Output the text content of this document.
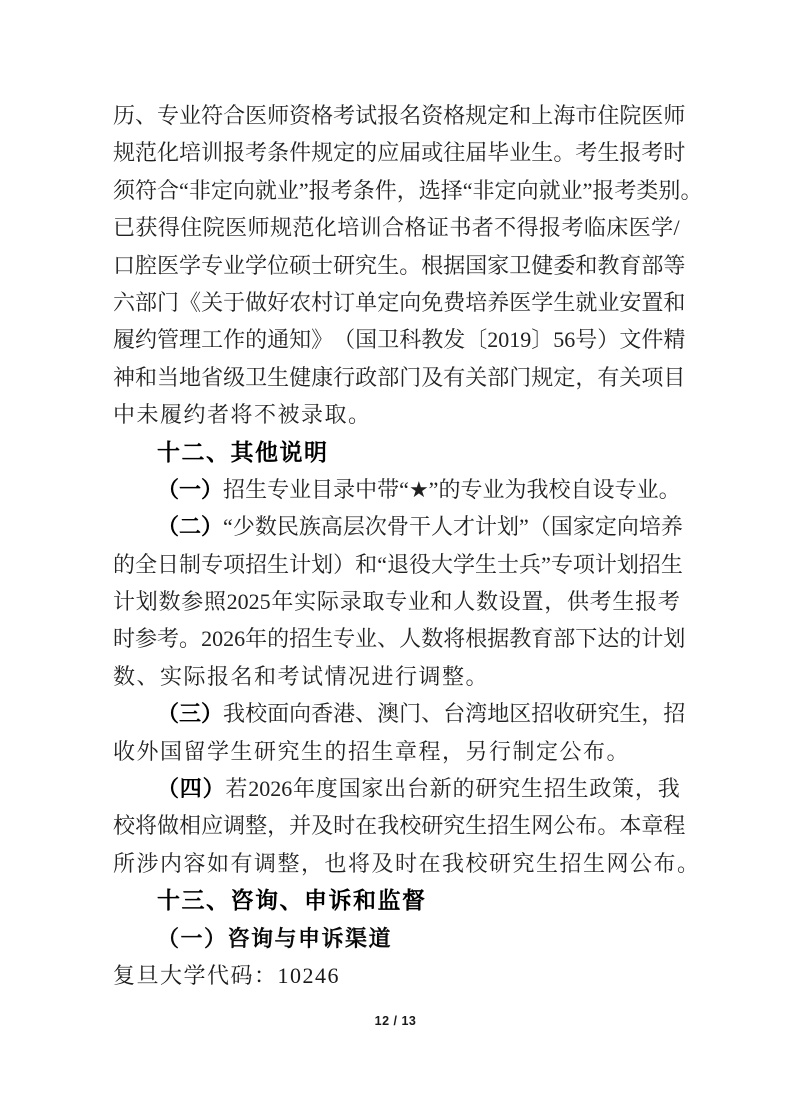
历 、 专 业 符 合 医 师 资 格 考 试 报 名 资 格 规 定 和 上 海 市 住 院 医 师
规 范 化 培 训 报 考 条 件 规 定 的 应 届 或 往 届 毕 业 生 。 考 生 报 考 时
须 符 合 “ 非 定 向 就 业 ” 报 考 条 件 ， 选 择 “ 非 定 向 就 业 ” 报 考 类 别 。
已 获 得 住 院 医 师 规 范 化 培 训 合 格 证 书 者 不 得 报 考 临 床 医 学 /
口 腔 医 学 专 业 学 位 硕 士 研 究 生 。 根 据 国 家 卫 健 委 和 教 育 部 等
六 部 门 《 关 于 做 好 农 村 订 单 定 向 免 费 培 养 医 学 生 就 业 安 置 和
履 约 管 理 工 作 的 通 知 》 （ 国 卫 科 教 发 〔 2019 〕 56 号 ） 文 件 精
神 和 当 地 省 级 卫 生 健 康 行 政 部 门 及 有 关 部 门 规 定 ， 有 关 项 目
中未履约者将不被录取。
十二、其他说明
（ 一 ） 招 生 专 业 目 录 中 带 “ ★ ” 的 专 业 为 我 校 自 设 专 业 。
（ 二 ） “ 少 数 民 族 高 层 次 骨 干 人 才 计 划 ” （ 国 家 定 向 培 养
的 全 日 制 专 项 招 生 计 划 ） 和 “ 退 役 大 学 生 士 兵 ” 专 项 计 划 招 生
计 划 数 参 照 2025 年 实 际 录 取 专 业 和 人 数 设 置 ， 供 考 生 报 考
时 参 考 。 2026 年 的 招 生 专 业 、 人 数 将 根 据 教 育 部 下 达 的 计 划
数、实际报名和考试情况进行调整。
（ 三 ） 我 校 面 向 香 港 、 澳 门 、 台 湾 地 区 招 收 研 究 生 ， 招
收外国留学生研究生的招生章程，另行制定公布。
（ 四 ） 若 2026 年 度 国 家 出 台 新 的 研 究 生 招 生 政 策 ， 我
校 将 做 相 应 调 整 ， 并 及 时 在 我 校 研 究 生 招 生 网 公 布 。 本 章 程
所涉内容如有调整，也将及时在我校研究生招生网公布。
十三、咨询、申诉和监督
（一）咨询与申诉渠道
复旦大学代码：10246
12 / 13
